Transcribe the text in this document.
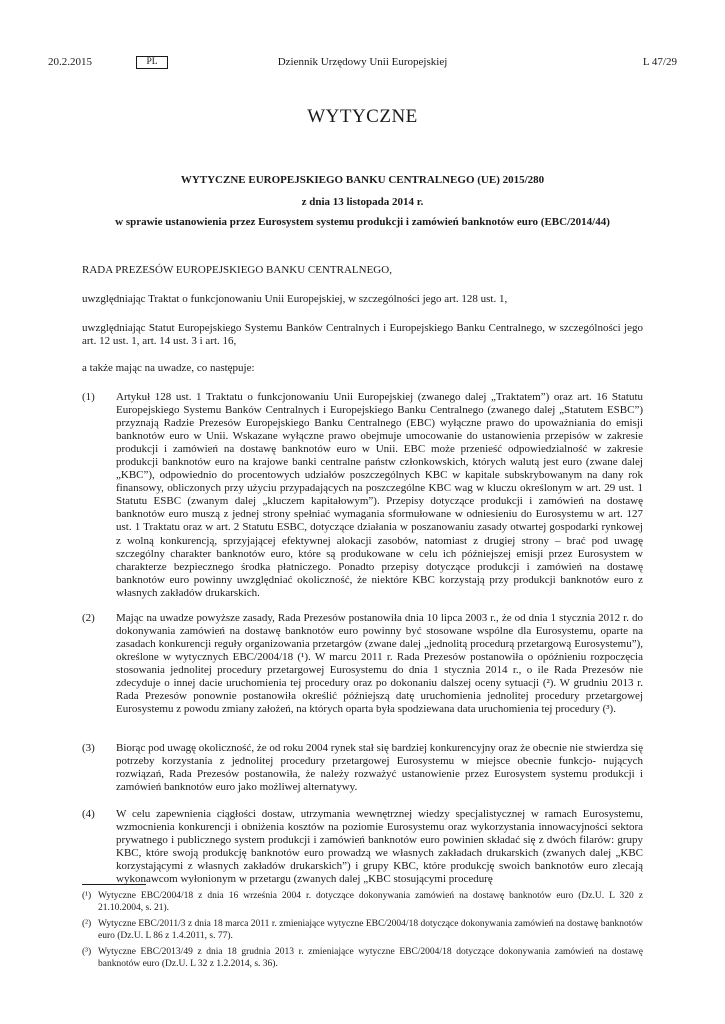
20.2.2015	PL	Dziennik Urzędowy Unii Europejskiej	L 47/29
WYTYCZNE
WYTYCZNE EUROPEJSKIEGO BANKU CENTRALNEGO (UE) 2015/280
z dnia 13 listopada 2014 r.
w sprawie ustanowienia przez Eurosystem systemu produkcji i zamówień banknotów euro (EBC/2014/44)
RADA PREZESÓW EUROPEJSKIEGO BANKU CENTRALNEGO,
uwzględniając Traktat o funkcjonowaniu Unii Europejskiej, w szczególności jego art. 128 ust. 1,
uwzględniając Statut Europejskiego Systemu Banków Centralnych i Europejskiego Banku Centralnego, w szczególności jego art. 12 ust. 1, art. 14 ust. 3 i art. 16,
a także mając na uwadze, co następuje:
(1) Artykuł 128 ust. 1 Traktatu o funkcjonowaniu Unii Europejskiej (zwanego dalej „Traktatem”) oraz art. 16 Statutu Europejskiego Systemu Banków Centralnych i Europejskiego Banku Centralnego (zwanego dalej „Statutem ESBC”) przyznają Radzie Prezesów Europejskiego Banku Centralnego (EBC) wyłączne prawo do upoważniania do emisji banknotów euro w Unii. Wskazane wyłączne prawo obejmuje umocowanie do ustanowienia przepisów w zakresie produkcji i zamówień na dostawę banknotów euro w Unii. EBC może przenieść odpowiedzialność w zakresie produkcji banknotów euro na krajowe banki centralne państw członkowskich, których walutą jest euro (zwane dalej „KBC”), odpowiednio do procentowych udziałów poszczególnych KBC w kapitale subskrybowanym na dany rok finansowy, obliczonych przy użyciu przypadających na poszczególne KBC wag w kluczu określonym w art. 29 ust. 1 Statutu ESBC (zwanym dalej „kluczem kapitałowym”). Przepisy dotyczące produkcji i zamówień na dostawę banknotów euro muszą z jednej strony spełniać wymagania sformułowane w odniesieniu do Eurosystemu w art. 127 ust. 1 Traktatu oraz w art. 2 Statutu ESBC, dotyczące działania w poszanowaniu zasady otwartej gospodarki rynkowej z wolną konkurencją, sprzyjającej efektywnej alokacji zasobów, natomiast z drugiej strony – brać pod uwagę szczególny charakter banknotów euro, które są produkowane w celu ich późniejszej emisji przez Eurosystem w charakterze bezpiecznego środka płatniczego. Ponadto przepisy dotyczące produkcji i zamówień na dostawę banknotów euro powinny uwzględniać okoliczność, że niektóre KBC korzystają przy produkcji banknotów euro z własnych zakładów drukarskich.
(2) Mając na uwadze powyższe zasady, Rada Prezesów postanowiła dnia 10 lipca 2003 r., że od dnia 1 stycznia 2012 r. do dokonywania zamówień na dostawę banknotów euro powinny być stosowane wspólne dla Eurosystemu, oparte na zasadach konkurencji reguły organizowania przetargów (zwane dalej „jednolitą procedurą przetargową Eurosystemu”), określone w wytycznych EBC/2004/18 (¹). W marcu 2011 r. Rada Prezesów postanowiła o opóźnieniu rozpoczęcia stosowania jednolitej procedury przetargowej Eurosystemu do dnia 1 stycznia 2014 r., o ile Rada Prezesów nie zdecyduje o innej dacie uruchomienia tej procedury oraz po dokonaniu dalszej oceny sytuacji (²). W grudniu 2013 r. Rada Prezesów ponownie postanowiła określić późniejszą datę uruchomienia jednolitej procedury przetargowej Eurosystemu z powodu zmiany założeń, na których oparta była spodziewana data uruchomienia tej procedury (³).
(3) Biorąc pod uwagę okoliczność, że od roku 2004 rynek stał się bardziej konkurencyjny oraz że obecnie nie stwierdza się potrzeby korzystania z jednolitej procedury przetargowej Eurosystemu w miejsce obecnie funkcjo- nujących rozwiązań, Rada Prezesów postanowiła, że należy rozważyć ustanowienie przez Eurosystem systemu produkcji i zamówień banknotów euro jako możliwej alternatywy.
(4) W celu zapewnienia ciągłości dostaw, utrzymania wewnętrznej wiedzy specjalistycznej w ramach Eurosystemu, wzmocnienia konkurencji i obniżenia kosztów na poziomie Eurosystemu oraz wykorzystania innowacyjności sektora prywatnego i publicznego system produkcji i zamówień banknotów euro powinien składać się z dwóch filarów: grupy KBC, które swoją produkcję banknotów euro prowadzą we własnych zakładach drukarskich (zwanych dalej „KBC korzystającymi z własnych zakładów drukarskich”) i grupy KBC, które produkcję swoich banknotów euro zlecają wykonawcom wyłonionym w przetargu (zwanych dalej „KBC stosującymi procedurę
(¹) Wytyczne EBC/2004/18 z dnia 16 września 2004 r. dotyczące dokonywania zamówień na dostawę banknotów euro (Dz.U. L 320 z 21.10.2004, s. 21).
(²) Wytyczne EBC/2011/3 z dnia 18 marca 2011 r. zmieniające wytyczne EBC/2004/18 dotyczące dokonywania zamówień na dostawę banknotów euro (Dz.U. L 86 z 1.4.2011, s. 77).
(³) Wytyczne EBC/2013/49 z dnia 18 grudnia 2013 r. zmieniające wytyczne EBC/2004/18 dotyczące dokonywania zamówień na dostawę banknotów euro (Dz.U. L 32 z 1.2.2014, s. 36).
